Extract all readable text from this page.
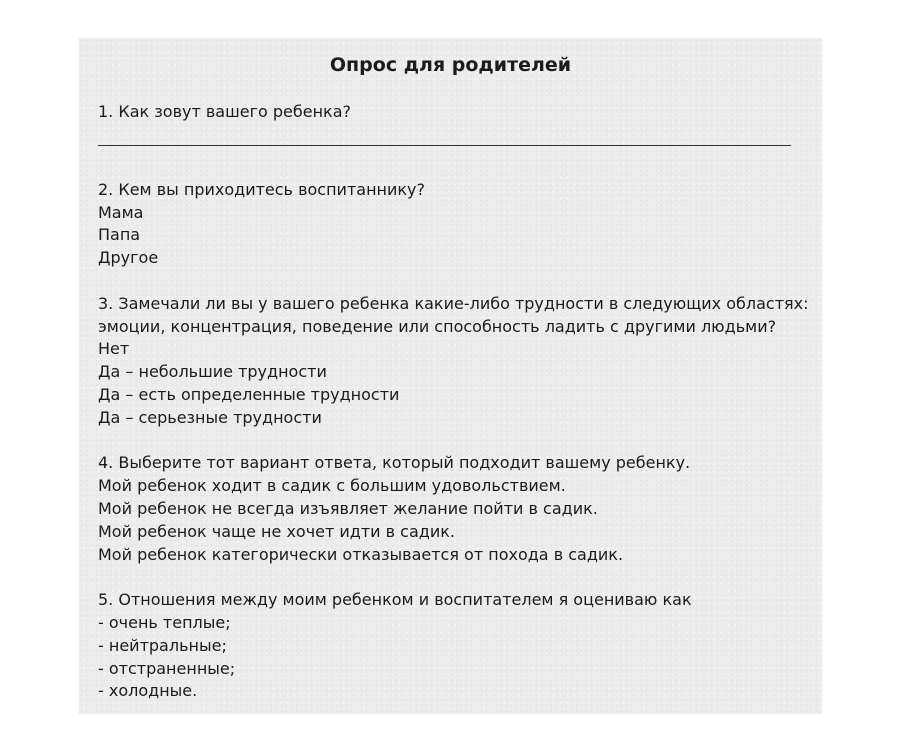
Опрос для родителей

1. Как зовут вашего ребенка?

2. Кем вы приходитесь воспитаннику?

Мама
Папа
Другое

3. Замечали ли вы у вашего ребенка какие-либо трудности в следующих областях:

эмоции, концентрация, поведение или способность ладить с другими людьми?

Нет
Да – небольшие трудности
Да – есть определенные трудности
Да – серьезные трудности

4. Выберите тот вариант ответа, который подходит вашему ребенку.

Мой ребенок ходит в садик с большим удовольствием.
Мой ребенок не всегда изъявляет желание пойти в садик.
Мой ребенок чаще не хочет идти в садик.
Мой ребенок категорически отказывается от похода в садик.

5. Отношения между моим ребенком и воспитателем я оцениваю как

- очень теплые;
- нейтральные;
- отстраненные;
- холодные.
